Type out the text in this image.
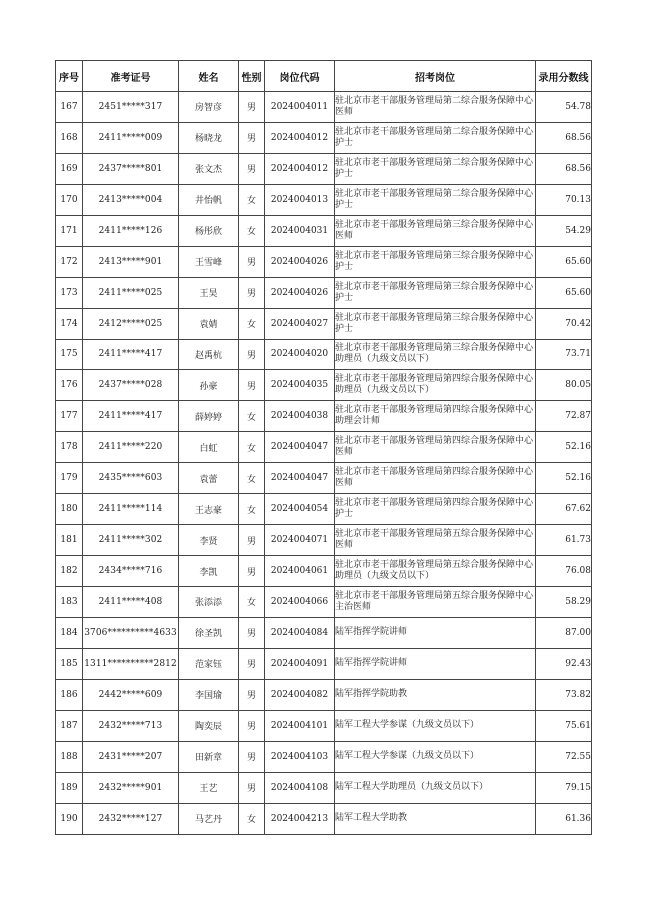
序号	准考证号	姓名	性别	岗位代码	招考岗位	录用分数线
167	2451*****317	房智彦	男	2024004011	驻北京市老干部服务管理局第二综合服务保障中心医师	54.78
168	2411*****009	杨晓龙	男	2024004012	驻北京市老干部服务管理局第二综合服务保障中心护士	68.56
169	2437*****801	张文杰	男	2024004012	驻北京市老干部服务管理局第二综合服务保障中心护士	68.56
170	2413*****004	井怡帆	女	2024004013	驻北京市老干部服务管理局第二综合服务保障中心护士	70.13
171	2411*****126	杨彤欣	女	2024004031	驻北京市老干部服务管理局第三综合服务保障中心医师	54.29
172	2413*****901	王雪峰	男	2024004026	驻北京市老干部服务管理局第三综合服务保障中心护士	65.60
173	2411*****025	王昊	男	2024004026	驻北京市老干部服务管理局第三综合服务保障中心护士	65.60
174	2412*****025	袁婧	女	2024004027	驻北京市老干部服务管理局第三综合服务保障中心护士	70.42
175	2411*****417	赵禹杭	男	2024004020	驻北京市老干部服务管理局第三综合服务保障中心助理员（九级文员以下）	73.71
176	2437*****028	孙豪	男	2024004035	驻北京市老干部服务管理局第四综合服务保障中心助理员（九级文员以下）	80.05
177	2411*****417	薛婷婷	女	2024004038	驻北京市老干部服务管理局第四综合服务保障中心助理会计师	72.87
178	2411*****220	白虹	女	2024004047	驻北京市老干部服务管理局第四综合服务保障中心医师	52.16
179	2435*****603	袁蕾	女	2024004047	驻北京市老干部服务管理局第四综合服务保障中心医师	52.16
180	2411*****114	王志豪	女	2024004054	驻北京市老干部服务管理局第四综合服务保障中心护士	67.62
181	2411*****302	李贤	男	2024004071	驻北京市老干部服务管理局第五综合服务保障中心医师	61.73
182	2434*****716	李凯	男	2024004061	驻北京市老干部服务管理局第五综合服务保障中心助理员（九级文员以下）	76.08
183	2411*****408	张添添	女	2024004066	驻北京市老干部服务管理局第五综合服务保障中心主治医师	58.29
184	3706**********4633	徐圣凯	男	2024004084	陆军指挥学院讲师	87.00
185	1311**********2812	范家钰	男	2024004091	陆军指挥学院讲师	92.43
186	2442*****609	李国瑜	男	2024004082	陆军指挥学院助教	73.82
187	2432*****713	陶奕辰	男	2024004101	陆军工程大学参谋（九级文员以下）	75.61
188	2431*****207	田新章	男	2024004103	陆军工程大学参谋（九级文员以下）	72.55
189	2432*****901	王艺	男	2024004108	陆军工程大学助理员（九级文员以下）	79.15
190	2432*****127	马艺丹	女	2024004213	陆军工程大学助教	61.36
